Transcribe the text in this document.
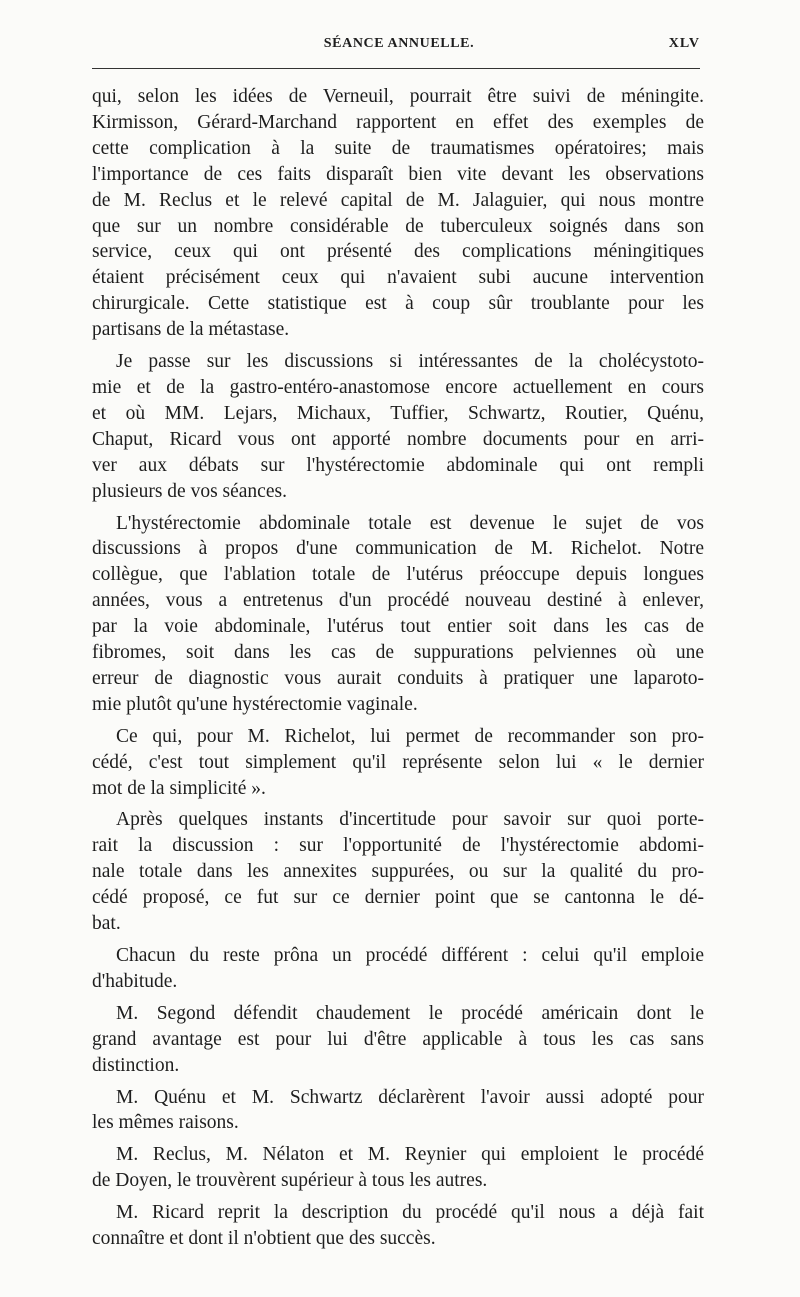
SÉANCE ANNUELLE.	XLV
qui, selon les idées de Verneuil, pourrait être suivi de méningite.
Kirmisson, Gérard-Marchand rapportent en effet des exemples de
cette complication à la suite de traumatismes opératoires; mais
l'importance de ces faits disparaît bien vite devant les observations
de M. Reclus et le relevé capital de M. Jalaguier, qui nous montre
que sur un nombre considérable de tuberculeux soignés dans son
service, ceux qui ont présenté des complications méningitiques
étaient précisément ceux qui n'avaient subi aucune intervention
chirurgicale. Cette statistique est à coup sûr troublante pour les
partisans de la métastase.
Je passe sur les discussions si intéressantes de la cholécystoto-
mie et de la gastro-entéro-anastomose encore actuellement en cours
et où MM. Lejars, Michaux, Tuffier, Schwartz, Routier, Quénu,
Chaput, Ricard vous ont apporté nombre documents pour en arri-
ver aux débats sur l'hystérectomie abdominale qui ont rempli
plusieurs de vos séances.
L'hystérectomie abdominale totale est devenue le sujet de vos
discussions à propos d'une communication de M. Richelot. Notre
collègue, que l'ablation totale de l'utérus préoccupe depuis longues
années, vous a entretenus d'un procédé nouveau destiné à enlever,
par la voie abdominale, l'utérus tout entier soit dans les cas de
fibromes, soit dans les cas de suppurations pelviennes où une
erreur de diagnostic vous aurait conduits à pratiquer une laparoto-
mie plutôt qu'une hystérectomie vaginale.
Ce qui, pour M. Richelot, lui permet de recommander son pro-
cédé, c'est tout simplement qu'il représente selon lui « le dernier
mot de la simplicité ».
Après quelques instants d'incertitude pour savoir sur quoi porte-
rait la discussion : sur l'opportunité de l'hystérectomie abdomi-
nale totale dans les annexites suppurées, ou sur la qualité du pro-
cédé proposé, ce fut sur ce dernier point que se cantonna le dé-
bat.
Chacun du reste prôna un procédé différent : celui qu'il emploie
d'habitude.
M. Segond défendit chaudement le procédé américain dont le
grand avantage est pour lui d'être applicable à tous les cas sans
distinction.
M. Quénu et M. Schwartz déclarèrent l'avoir aussi adopté pour
les mêmes raisons.
M. Reclus, M. Nélaton et M. Reynier qui emploient le procédé
de Doyen, le trouvèrent supérieur à tous les autres.
M. Ricard reprit la description du procédé qu'il nous a déjà fait
connaître et dont il n'obtient que des succès.
